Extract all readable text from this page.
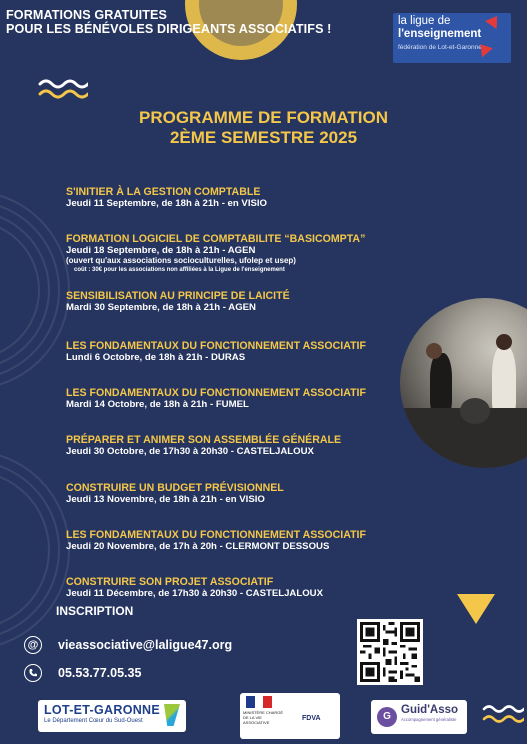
FORMATIONS GRATUITES
POUR LES BÉNÉVOLES DIRIGEANTS ASSOCIATIFS !
la ligue de
l'enseignement
fédération de Lot-et-Garonne
PROGRAMME DE FORMATION
2ÈME SEMESTRE 2025
S'INITIER À LA GESTION COMPTABLE
Jeudi 11 Septembre, de 18h à 21h - en VISIO
FORMATION LOGICIEL DE COMPTABILITE “BASICOMPTA”
Jeudi 18 Septembre, de 18h à 21h - AGEN
(ouvert qu'aux associations socioculturelles, ufolep et usep)
coût : 30€ pour les associations non affiliées à la Ligue de l'enseignement
SENSIBILISATION AU PRINCIPE DE LAICITÉ
Mardi 30 Septembre, de 18h à 21h - AGEN
LES FONDAMENTAUX DU FONCTIONNEMENT ASSOCIATIF
Lundi 6 Octobre, de 18h à 21h - DURAS
LES FONDAMENTAUX DU FONCTIONNEMENT ASSOCIATIF
Mardi 14 Octobre, de 18h à 21h - FUMEL
PRÉPARER ET ANIMER SON ASSEMBLÉE GÉNÉRALE
Jeudi 30 Octobre, de 17h30 à 20h30 - CASTELJALOUX
CONSTRUIRE UN BUDGET PRÉVISIONNEL
Jeudi 13 Novembre, de 18h à 21h - en VISIO
LES FONDAMENTAUX DU FONCTIONNEMENT ASSOCIATIF
Jeudi 20 Novembre, de 17h à 20h - CLERMONT DESSOUS
CONSTRUIRE SON PROJET ASSOCIATIF
Jeudi 11 Décembre, de 17h30 à 20h30 - CASTELJALOUX
INSCRIPTION
@ vieassociative@laligue47.org
05.53.77.05.35
LOT-ET-GARONNE
Le Département Cœur du Sud-Ouest
MINISTÈRE CHARGÉ DE LA VIE ASSOCIATIVE
FDVA	G
Guid'Asso
Accompagnement généraliste
